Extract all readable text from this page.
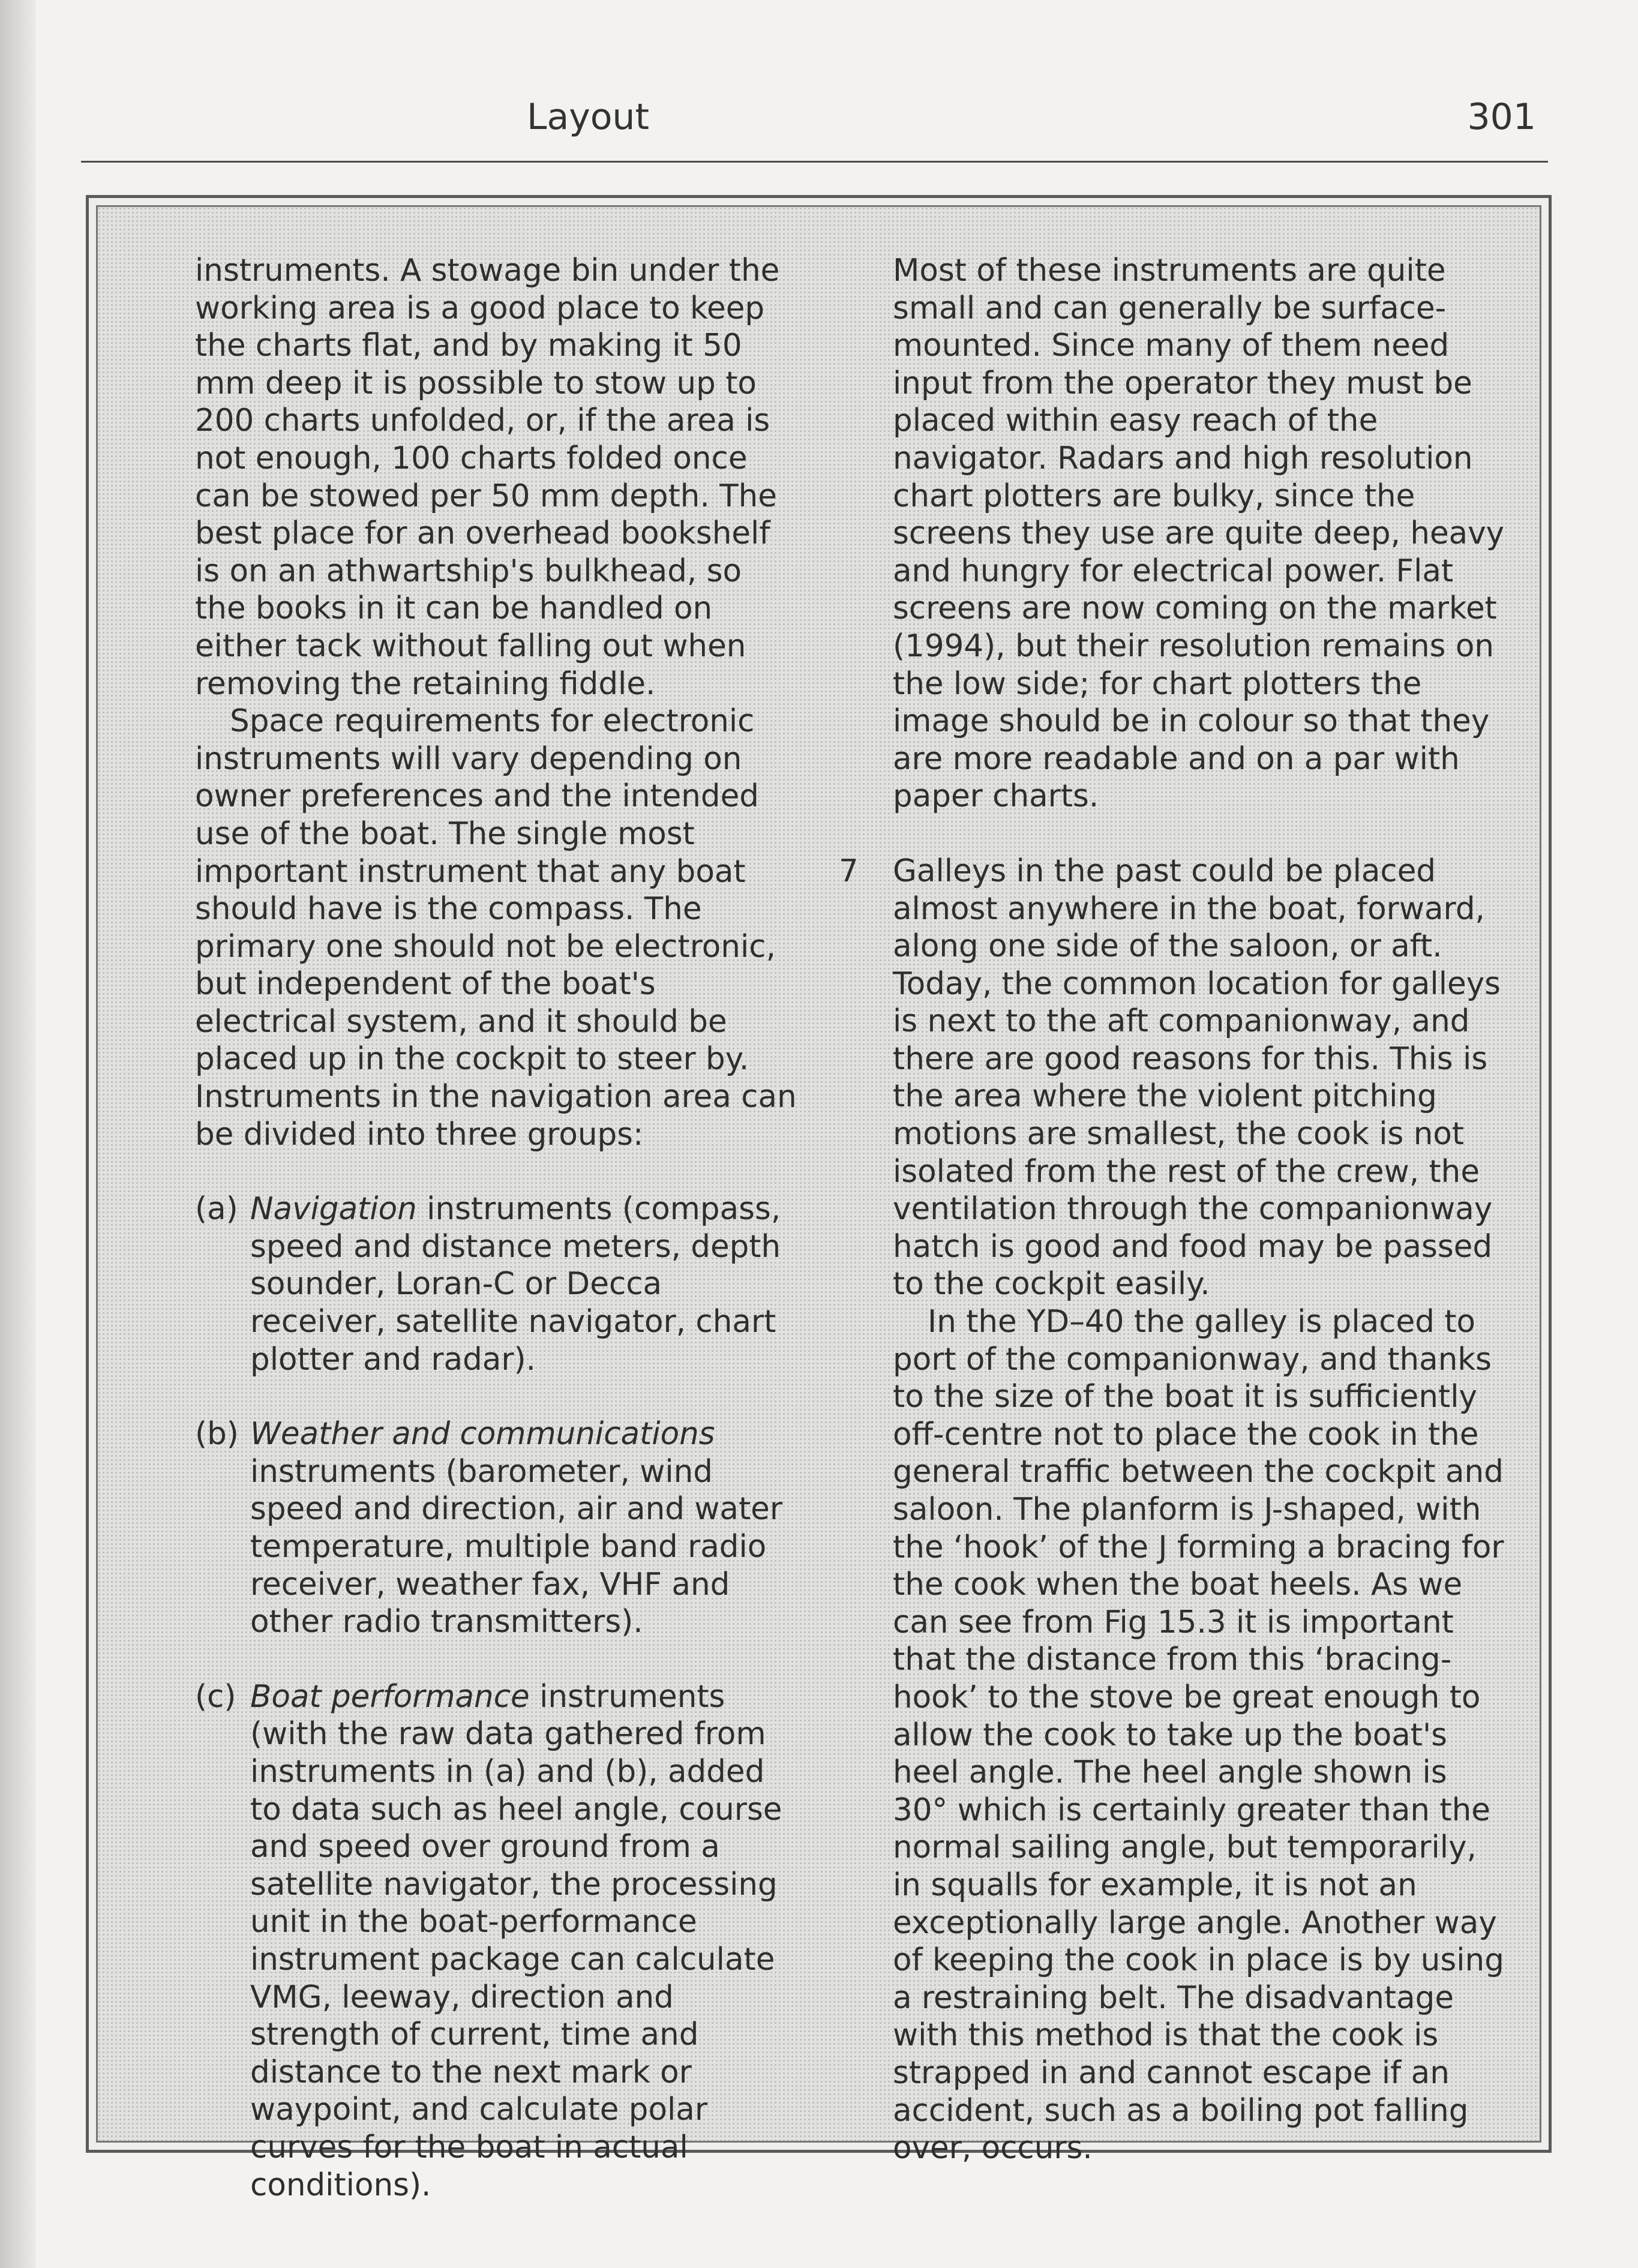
Layout	301

instruments. A stowage bin under the working area is a good place to keep the charts flat, and by making it 50 mm deep it is possible to stow up to 200 charts unfolded, or, if the area is not enough, 100 charts folded once can be stowed per 50 mm depth. The best place for an overhead bookshelf is on an athwartship's bulkhead, so the books in it can be handled on either tack without falling out when removing the retaining fiddle.

Space requirements for electronic instruments will vary depending on owner preferences and the intended use of the boat. The single most important instrument that any boat should have is the compass. The primary one should not be electronic, but independent of the boat's electrical system, and it should be placed up in the cockpit to steer by. Instruments in the navigation area can be divided into three groups:

(a) Navigation instruments (compass, speed and distance meters, depth sounder, Loran-C or Decca receiver, satellite navigator, chart plotter and radar).
(b) Weather and communications instruments (barometer, wind speed and direction, air and water temperature, multiple band radio receiver, weather fax, VHF and other radio transmitters).
(c) Boat performance instruments (with the raw data gathered from instruments in (a) and (b), added to data such as heel angle, course and speed over ground from a satellite navigator, the processing unit in the boat-performance instrument package can calculate VMG, leeway, direction and strength of current, time and distance to the next mark or waypoint, and calculate polar curves for the boat in actual conditions).

Most of these instruments are quite small and can generally be surface-mounted. Since many of them need input from the operator they must be placed within easy reach of the navigator. Radars and high resolution chart plotters are bulky, since the screens they use are quite deep, heavy and hungry for electrical power. Flat screens are now coming on the market (1994), but their resolution remains on the low side; for chart plotters the image should be in colour so that they are more readable and on a par with paper charts.

7 Galleys in the past could be placed almost anywhere in the boat, forward, along one side of the saloon, or aft. Today, the common location for galleys is next to the aft companionway, and there are good reasons for this. This is the area where the violent pitching motions are smallest, the cook is not isolated from the rest of the crew, the ventilation through the companionway hatch is good and food may be passed to the cockpit easily.

In the YD–40 the galley is placed to port of the companionway, and thanks to the size of the boat it is sufficiently off-centre not to place the cook in the general traffic between the cockpit and saloon. The planform is J-shaped, with the ‘hook’ of the J forming a bracing for the cook when the boat heels. As we can see from Fig 15.3 it is important that the distance from this ‘bracing-hook’ to the stove be great enough to allow the cook to take up the boat's heel angle. The heel angle shown is 30° which is certainly greater than the normal sailing angle, but temporarily, in squalls for example, it is not an exceptionally large angle. Another way of keeping the cook in place is by using a restraining belt. The disadvantage with this method is that the cook is strapped in and cannot escape if an accident, such as a boiling pot falling over, occurs.
